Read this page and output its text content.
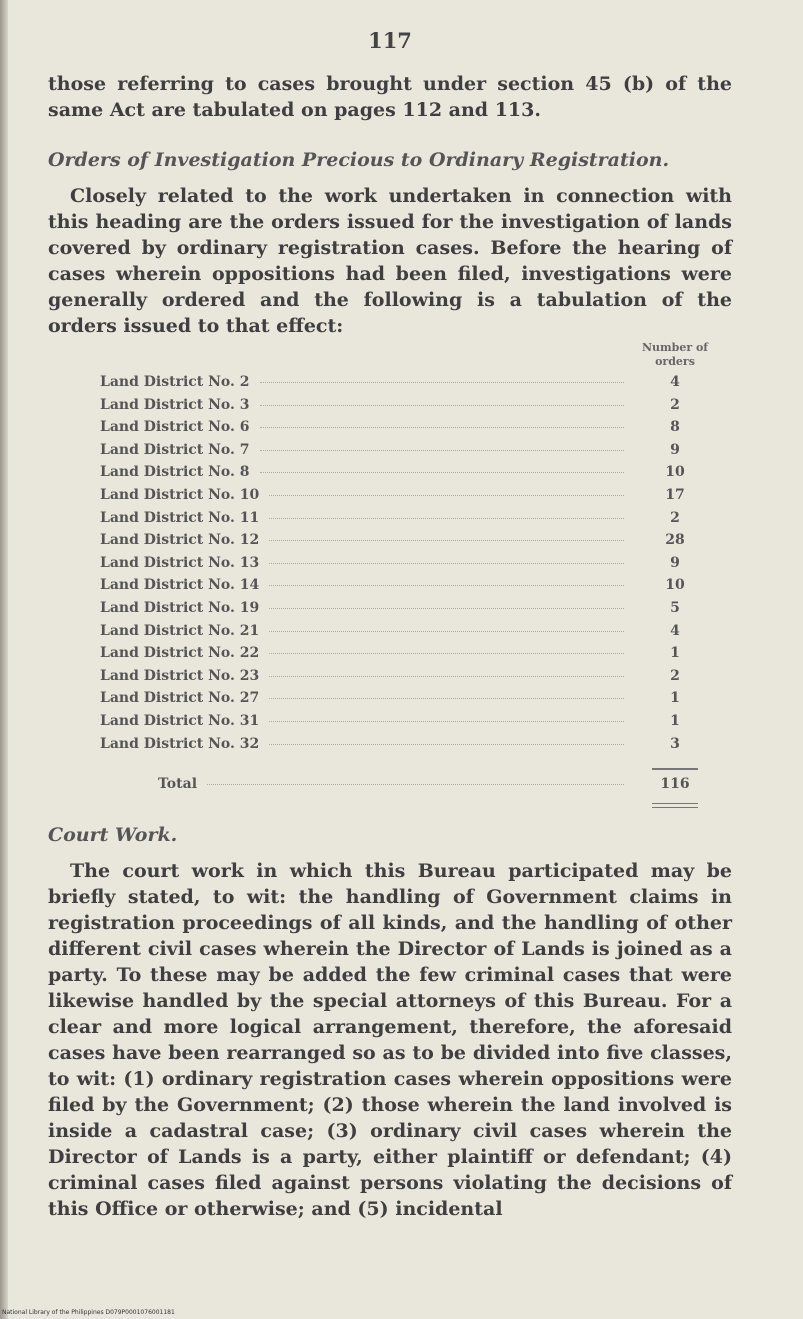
117

those referring to cases brought under section 45 (b) of the same Act are tabulated on pages 112 and 113.

Orders of Investigation Precious to Ordinary Registration.

Closely related to the work undertaken in connection with this heading are the orders issued for the investigation of lands covered by ordinary registration cases. Before the hearing of cases wherein oppositions had been filed, investigations were generally ordered and the following is a tabulation of the orders issued to that effect:

Number of orders
Land District No. 2	4
Land District No. 3	2
Land District No. 6	8
Land District No. 7	9
Land District No. 8	10
Land District No. 10	17
Land District No. 11	2
Land District No. 12	28
Land District No. 13	9
Land District No. 14	10
Land District No. 19	5
Land District No. 21	4
Land District No. 22	1
Land District No. 23	2
Land District No. 27	1
Land District No. 31	1
Land District No. 32	3
Total	116
Court Work.

The court work in which this Bureau participated may be briefly stated, to wit: the handling of Government claims in registration proceedings of all kinds, and the handling of other different civil cases wherein the Director of Lands is joined as a party. To these may be added the few criminal cases that were likewise handled by the special attorneys of this Bureau. For a clear and more logical arrangement, therefore, the aforesaid cases have been rearranged so as to be divided into five classes, to wit: (1) ordinary registration cases wherein oppositions were filed by the Government; (2) those wherein the land involved is inside a cadastral case; (3) ordinary civil cases wherein the Director of Lands is a party, either plaintiff or defendant; (4) criminal cases filed against persons violating the decisions of this Office or otherwise; and (5) incidental

National Library of the Philippines D079P0001076001181
